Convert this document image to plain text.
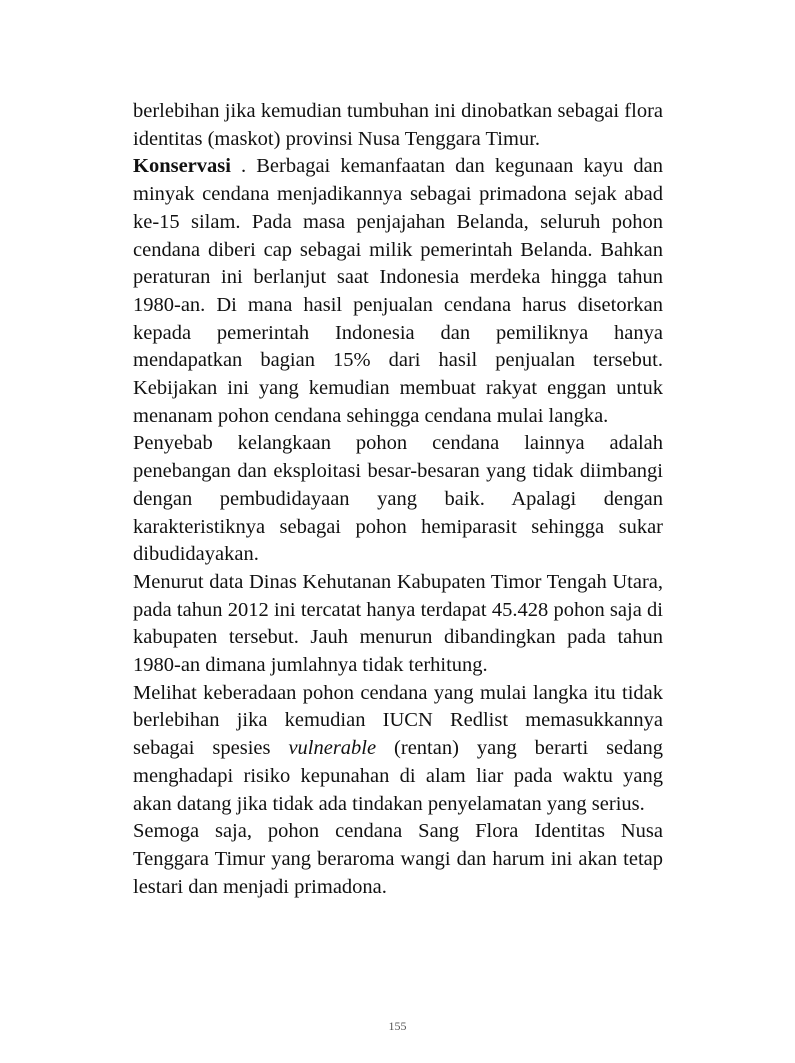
berlebihan jika kemudian tumbuhan ini dinobatkan sebagai flora identitas (maskot) provinsi Nusa Tenggara Timur.

Konservasi . Berbagai kemanfaatan dan kegunaan kayu dan minyak cendana menjadikannya sebagai primadona sejak abad ke-15 silam. Pada masa penjajahan Belanda, seluruh pohon cendana diberi cap sebagai milik pemerintah Belanda. Bahkan peraturan ini berlanjut saat Indonesia merdeka hingga tahun 1980-an. Di mana hasil penjualan cendana harus disetorkan kepada pemerintah Indonesia dan pemiliknya hanya mendapatkan bagian 15% dari hasil penjualan tersebut. Kebijakan ini yang kemudian membuat rakyat enggan untuk menanam pohon cendana sehingga cendana mulai langka.

Penyebab kelangkaan pohon cendana lainnya adalah penebangan dan eksploitasi besar-besaran yang tidak diimbangi dengan pembudidayaan yang baik. Apalagi dengan karakteristiknya sebagai pohon hemiparasit sehingga sukar dibudidayakan.

Menurut data Dinas Kehutanan Kabupaten Timor Tengah Utara, pada tahun 2012 ini tercatat hanya terdapat 45.428 pohon saja di kabupaten tersebut. Jauh menurun dibandingkan pada tahun 1980-an dimana jumlahnya tidak terhitung.

Melihat keberadaan pohon cendana yang mulai langka itu tidak berlebihan jika kemudian IUCN Redlist memasukkannya sebagai spesies vulnerable (rentan) yang berarti sedang menghadapi risiko kepunahan di alam liar pada waktu yang akan datang jika tidak ada tindakan penyelamatan yang serius.

Semoga saja, pohon cendana Sang Flora Identitas Nusa Tenggara Timur yang beraroma wangi dan harum ini akan tetap lestari dan menjadi primadona.

155
